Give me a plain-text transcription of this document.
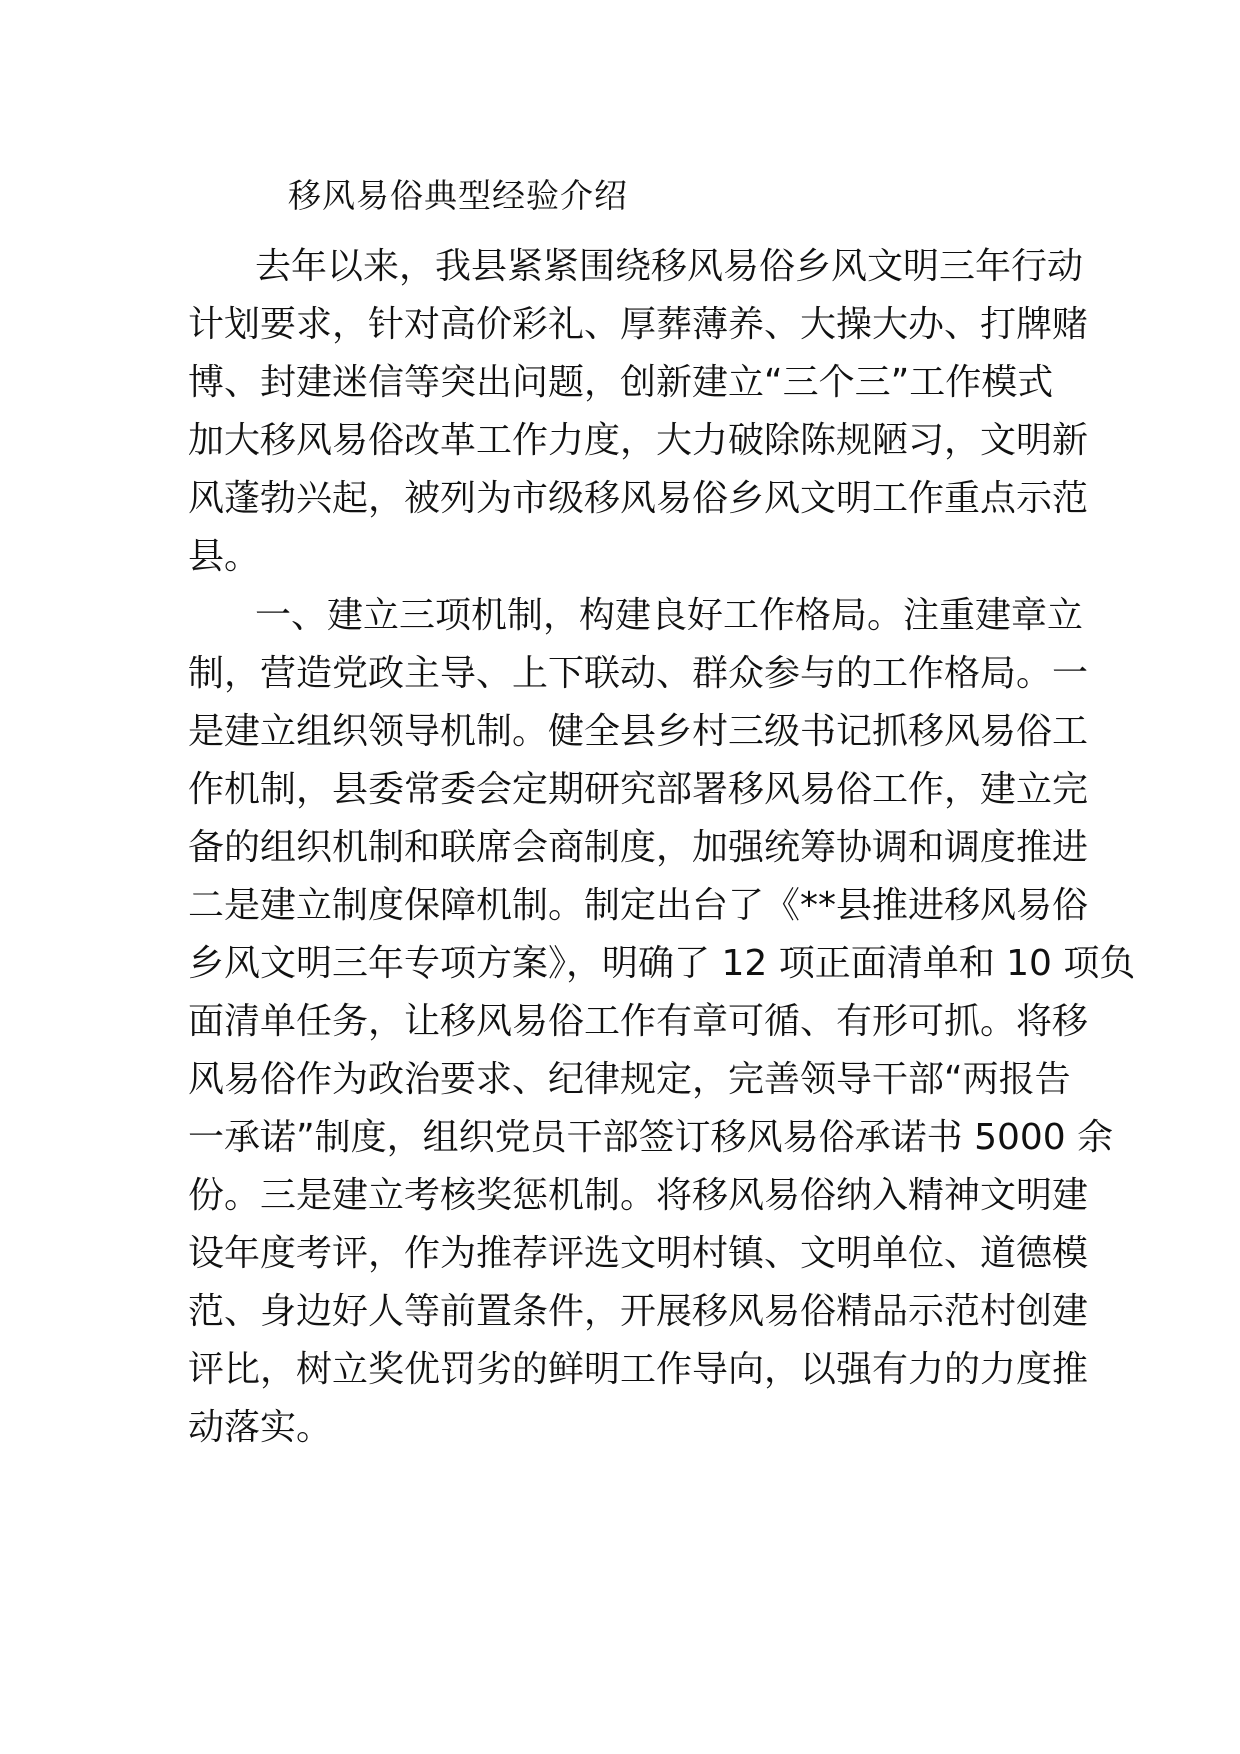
移风易俗典型经验介绍
去年以来，我县紧紧围绕移风易俗乡风文明三年行动
计划要求，针对高价彩礼、厚葬薄养、大操大办、打牌赌
博、封建迷信等突出问题，创新建立“三个三”工作模式
加大移风易俗改革工作力度，大力破除陈规陋习，文明新
风蓬勃兴起，被列为市级移风易俗乡风文明工作重点示范
县。
一、建立三项机制，构建良好工作格局。注重建章立
制，营造党政主导、上下联动、群众参与的工作格局。一
是建立组织领导机制。健全县乡村三级书记抓移风易俗工
作机制，县委常委会定期研究部署移风易俗工作，建立完
备的组织机制和联席会商制度，加强统筹协调和调度推进
二是建立制度保障机制。制定出台了《**县推进移风易俗
乡风文明三年专项方案》，明确了 12 项正面清单和 10 项负
面清单任务，让移风易俗工作有章可循、有形可抓。将移
风易俗作为政治要求、纪律规定，完善领导干部“两报告
一承诺”制度，组织党员干部签订移风易俗承诺书 5000 余
份。三是建立考核奖惩机制。将移风易俗纳入精神文明建
设年度考评，作为推荐评选文明村镇、文明单位、道德模
范、身边好人等前置条件，开展移风易俗精品示范村创建
评比，树立奖优罚劣的鲜明工作导向，以强有力的力度推
动落实。
